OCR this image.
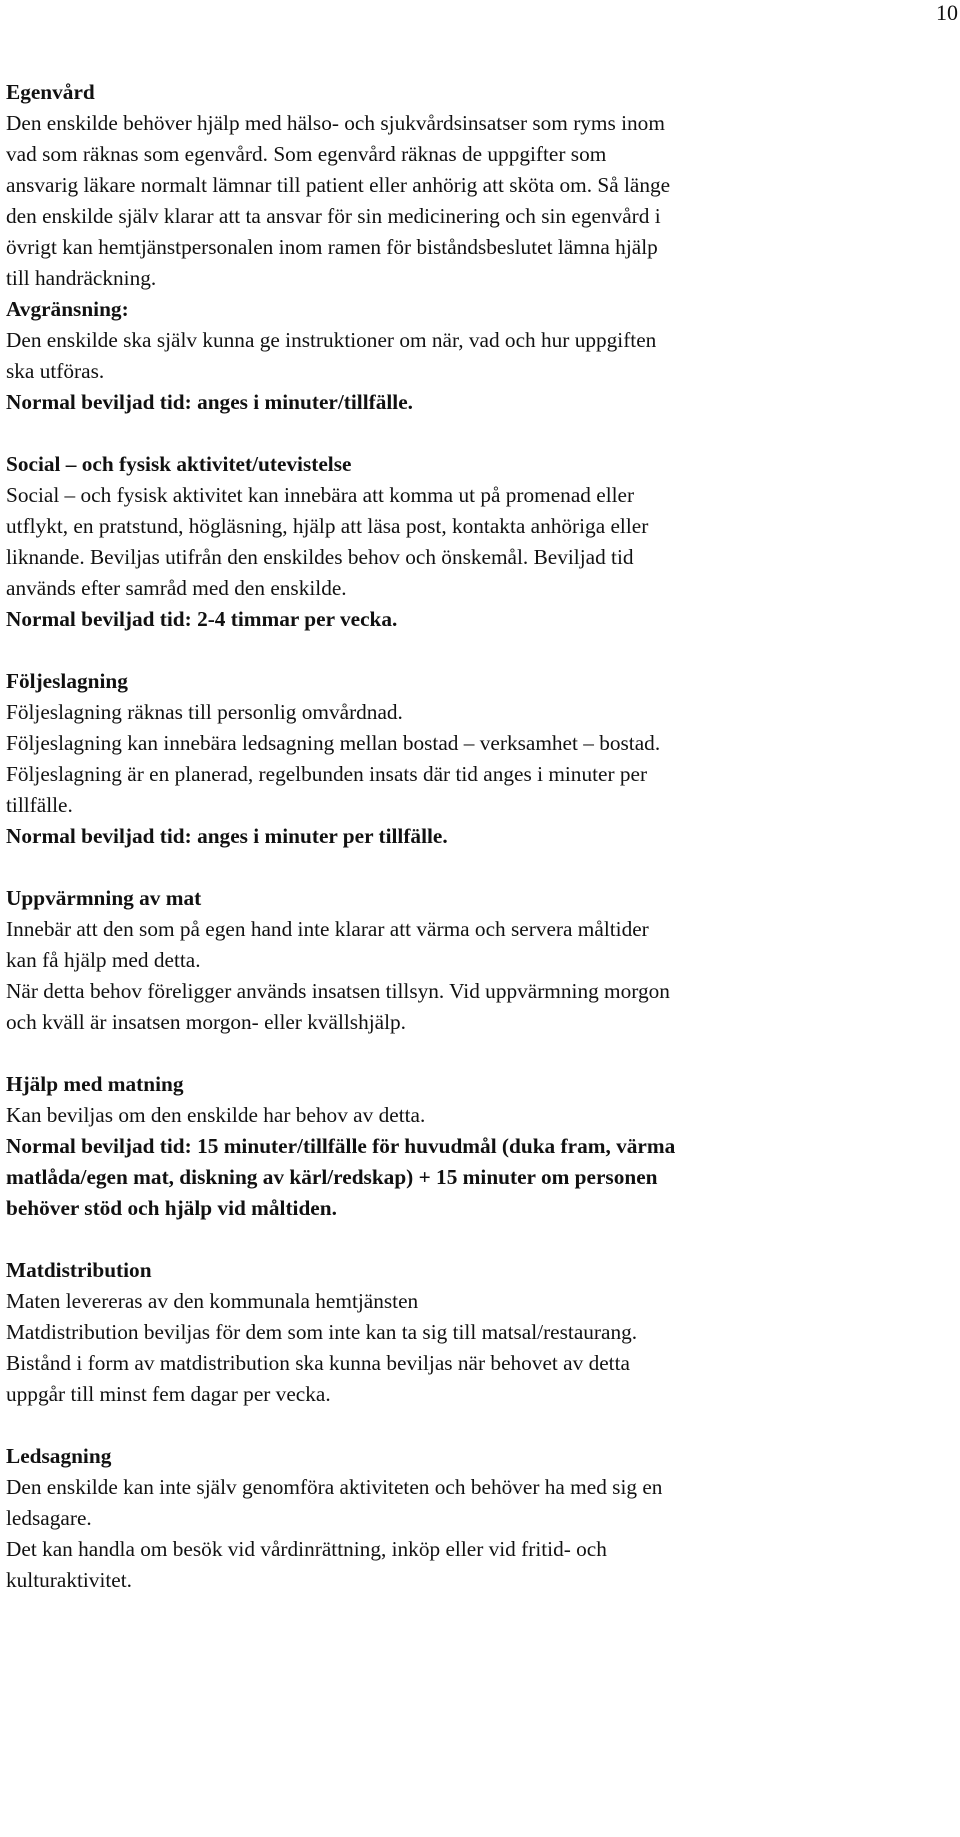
10

Egenvård

Den enskilde behöver hjälp med hälso- och sjukvårdsinsatser som ryms inom

vad som räknas som egenvård. Som egenvård räknas de uppgifter som

ansvarig läkare normalt lämnar till patient eller anhörig att sköta om. Så länge

den enskilde själv klarar att ta ansvar för sin medicinering och sin egenvård i

övrigt kan hemtjänstpersonalen inom ramen för biståndsbeslutet lämna hjälp

till handräckning.

Avgränsning:

Den enskilde ska själv kunna ge instruktioner om när, vad och hur uppgiften

ska utföras.

Normal beviljad tid: anges i minuter/tillfälle.

Social – och fysisk aktivitet/utevistelse

Social – och fysisk aktivitet kan innebära att komma ut på promenad eller

utflykt, en pratstund, högläsning, hjälp att läsa post, kontakta anhöriga eller

liknande. Beviljas utifrån den enskildes behov och önskemål. Beviljad tid

används efter samråd med den enskilde.

Normal beviljad tid: 2-4 timmar per vecka.

Följeslagning

Följeslagning räknas till personlig omvårdnad.

Följeslagning kan innebära ledsagning mellan bostad – verksamhet – bostad.

Följeslagning är en planerad, regelbunden insats där tid anges i minuter per

tillfälle.

Normal beviljad tid: anges i minuter per tillfälle.

Uppvärmning av mat

Innebär att den som på egen hand inte klarar att värma och servera måltider

kan få hjälp med detta.

När detta behov föreligger används insatsen tillsyn. Vid uppvärmning morgon

och kväll är insatsen morgon- eller kvällshjälp.

Hjälp med matning

Kan beviljas om den enskilde har behov av detta.

Normal beviljad tid: 15 minuter/tillfälle för huvudmål (duka fram, värma

matlåda/egen mat, diskning av kärl/redskap) + 15 minuter om personen

behöver stöd och hjälp vid måltiden.

Matdistribution

Maten levereras av den kommunala hemtjänsten

Matdistribution beviljas för dem som inte kan ta sig till matsal/restaurang.

Bistånd i form av matdistribution ska kunna beviljas när behovet av detta

uppgår till minst fem dagar per vecka.

Ledsagning

Den enskilde kan inte själv genomföra aktiviteten och behöver ha med sig en

ledsagare.

Det kan handla om besök vid vårdinrättning, inköp eller vid fritid- och

kulturaktivitet.
